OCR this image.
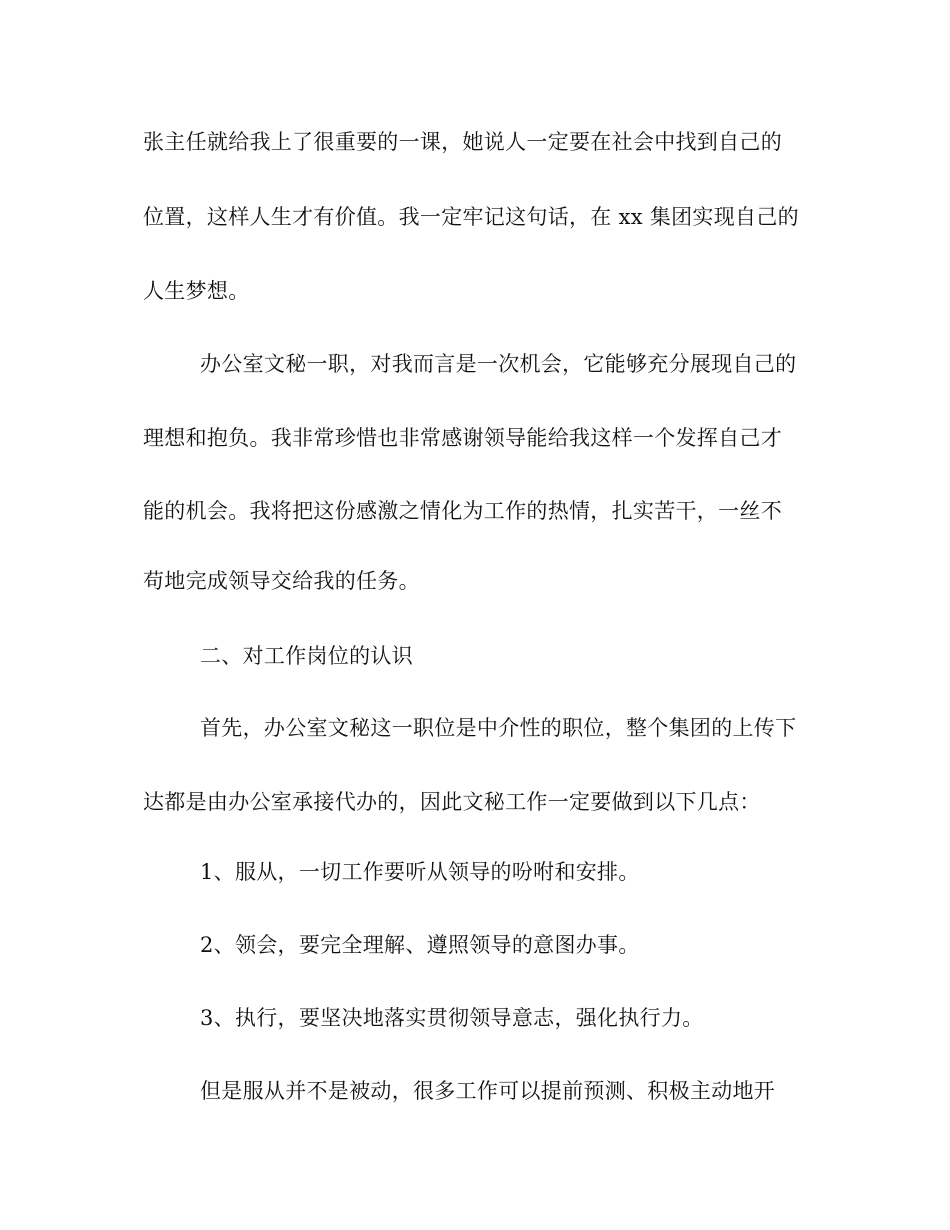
张主任就给我上了很重要的一课，她说人一定要在社会中找到自己的
位置，这样人生才有价值。我一定牢记这句话，在 xx 集团实现自己的
人生梦想。
办公室文秘一职，对我而言是一次机会，它能够充分展现自己的
理想和抱负。我非常珍惜也非常感谢领导能给我这样一个发挥自己才
能的机会。我将把这份感激之情化为工作的热情，扎实苦干，一丝不
苟地完成领导交给我的任务。
二、对工作岗位的认识
首先，办公室文秘这一职位是中介性的职位，整个集团的上传下
达都是由办公室承接代办的，因此文秘工作一定要做到以下几点：
1、服从，一切工作要听从领导的吩咐和安排。
2、领会，要完全理解、遵照领导的意图办事。
3、执行，要坚决地落实贯彻领导意志，强化执行力。
但是服从并不是被动，很多工作可以提前预测、积极主动地开
